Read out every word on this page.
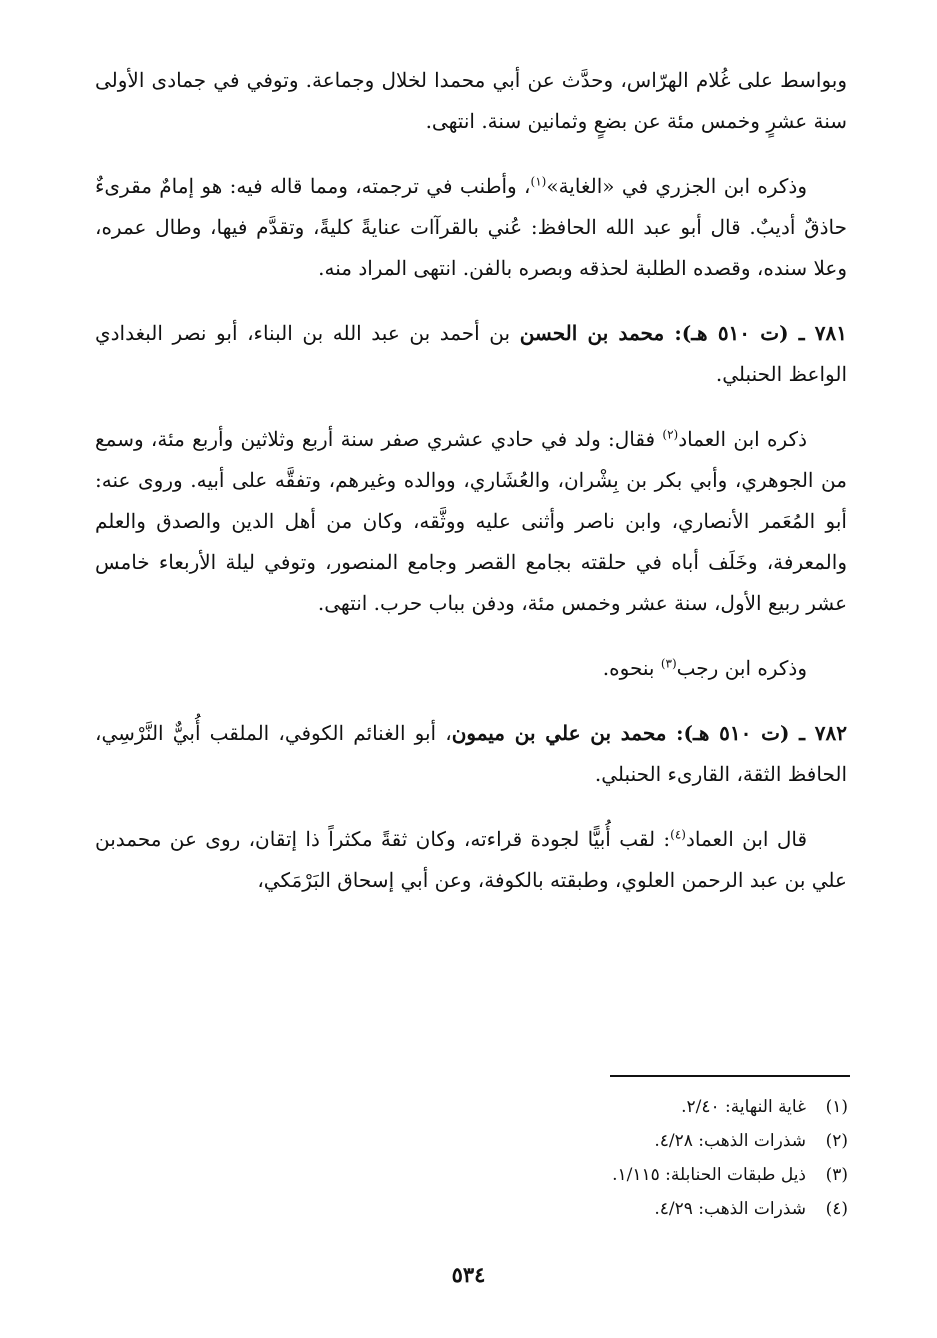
وبواسط على غُلام الهرّاس، وحدَّث عن أبي محمدا لخلال وجماعة. وتوفي في جمادى الأولى سنة عشرٍ وخمس مئة عن بضعٍ وثمانين سنة. انتهى.

وذكره ابن الجزري في «الغاية»$^{(١)}$، وأطنب في ترجمته، ومما قاله فيه: هو إمامٌ مقرىءٌ حاذقٌ أديبٌ. قال أبو عبد الله الحافظ: عُني بالقرآات عنايةً كليةً، وتقدَّم فيها، وطال عمره، وعلا سنده، وقصده الطلبة لحذقه وبصره بالفن. انتهى المراد منه.

٧٨١ ـ (ت ٥١٠ هـ): محمد بن الحسن بن أحمد بن عبد الله بن البناء، أبو نصر البغدادي الواعظ الحنبلي.

ذكره ابن العماد$^{(٢)}$ فقال: ولد في حادي عشري صفر سنة أربع وثلاثين وأربع مئة، وسمع من الجوهري، وأبي بكر بن بِشْران، والعُشَاري، ووالده وغيرهم، وتفقَّه على أبيه. وروى عنه: أبو المُعَمر الأنصاري، وابن ناصر وأثنى عليه ووثَّقه، وكان من أهل الدين والصدق والعلم والمعرفة، وخَلَف أباه في حلقته بجامع القصر وجامع المنصور، وتوفي ليلة الأربعاء خامس عشر ربيع الأول، سنة عشر وخمس مئة، ودفن بباب حرب. انتهى.

وذكره ابن رجب$^{(٣)}$ بنحوه.

٧٨٢ ـ (ت ٥١٠ هـ): محمد بن علي بن ميمون، أبو الغنائم الكوفي، الملقب أُبيٌّ النَّرْسِي، الحافظ الثقة، القارىء الحنبلي.

قال ابن العماد$^{(٤)}$: لقب أُبيًّا لجودة قراءته، وكان ثقةً مكثراً ذا إتقان، روى عن محمدبن علي بن عبد الرحمن العلوي، وطبقته بالكوفة، وعن أبي إسحاق البَرْمَكي،

(١)
غاية النهاية: ٢/٤٠.
(٢)
شذرات الذهب: ٤/٢٨.
(٣)
ذيل طبقات الحنابلة: ١/١١٥.
(٤)
شذرات الذهب: ٤/٢٩.
٥٣٤
